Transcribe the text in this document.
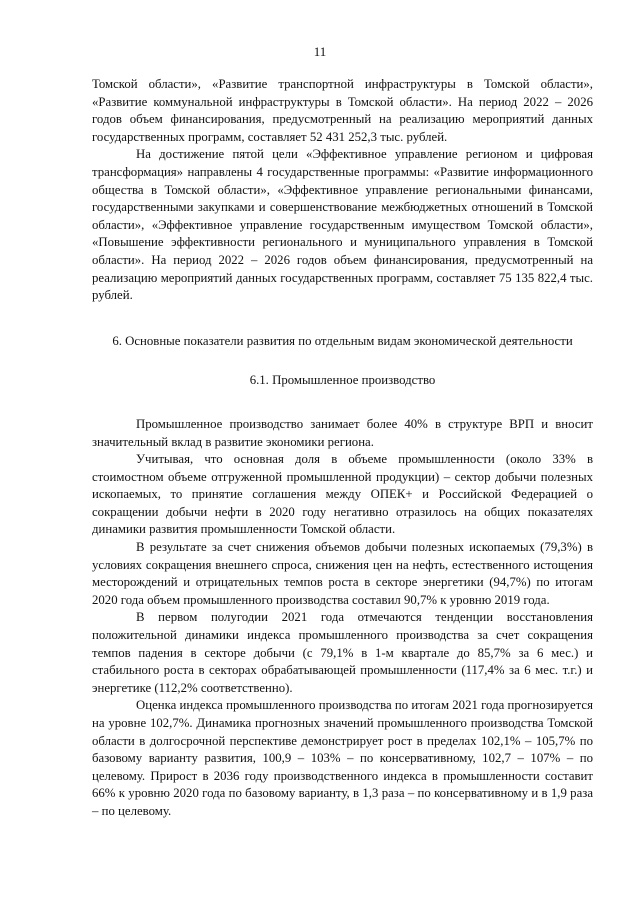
11

Томской области», «Развитие транспортной инфраструктуры в Томской области», «Развитие коммунальной инфраструктуры в Томской области». На период 2022 – 2026 годов объем финансирования, предусмотренный на реализацию мероприятий данных государственных программ, составляет 52 431 252,3 тыс. рублей.

На достижение пятой цели «Эффективное управление регионом и цифровая трансформация» направлены 4 государственные программы: «Развитие информационного общества в Томской области», «Эффективное управление региональными финансами, государственными закупками и совершенствование межбюджетных отношений в Томской области», «Эффективное управление государственным имуществом Томской области», «Повышение эффективности регионального и муниципального управления в Томской области». На период 2022 – 2026 годов объем финансирования, предусмотренный на реализацию мероприятий данных государственных программ, составляет 75 135 822,4 тыс. рублей.

6. Основные показатели развития по отдельным видам экономической деятельности
6.1. Промышленное производство

Промышленное производство занимает более 40% в структуре ВРП и вносит значительный вклад в развитие экономики региона.

Учитывая, что основная доля в объеме промышленности (около 33% в стоимостном объеме отгруженной промышленной продукции) – сектор добычи полезных ископаемых, то принятие соглашения между ОПЕК+ и Российской Федерацией о сокращении добычи нефти в 2020 году негативно отразилось на общих показателях динамики развития промышленности Томской области.

В результате за счет снижения объемов добычи полезных ископаемых (79,3%) в условиях сокращения внешнего спроса, снижения цен на нефть, естественного истощения месторождений и отрицательных темпов роста в секторе энергетики (94,7%) по итогам 2020 года объем промышленного производства составил 90,7% к уровню 2019 года.

В первом полугодии 2021 года отмечаются тенденции восстановления положительной динамики индекса промышленного производства за счет сокращения темпов падения в секторе добычи (с 79,1% в 1-м квартале до 85,7% за 6 мес.) и стабильного роста в секторах обрабатывающей промышленности (117,4% за 6 мес. т.г.) и энергетике (112,2% соответственно).

Оценка индекса промышленного производства по итогам 2021 года прогнозируется на уровне 102,7%. Динамика прогнозных значений промышленного производства Томской области в долгосрочной перспективе демонстрирует рост в пределах 102,1% – 105,7% по базовому варианту развития, 100,9 – 103% – по консервативному, 102,7 – 107% – по целевому. Прирост в 2036 году производственного индекса в промышленности составит 66% к уровню 2020 года по базовому варианту, в 1,3 раза – по консервативному и в 1,9 раза – по целевому.
